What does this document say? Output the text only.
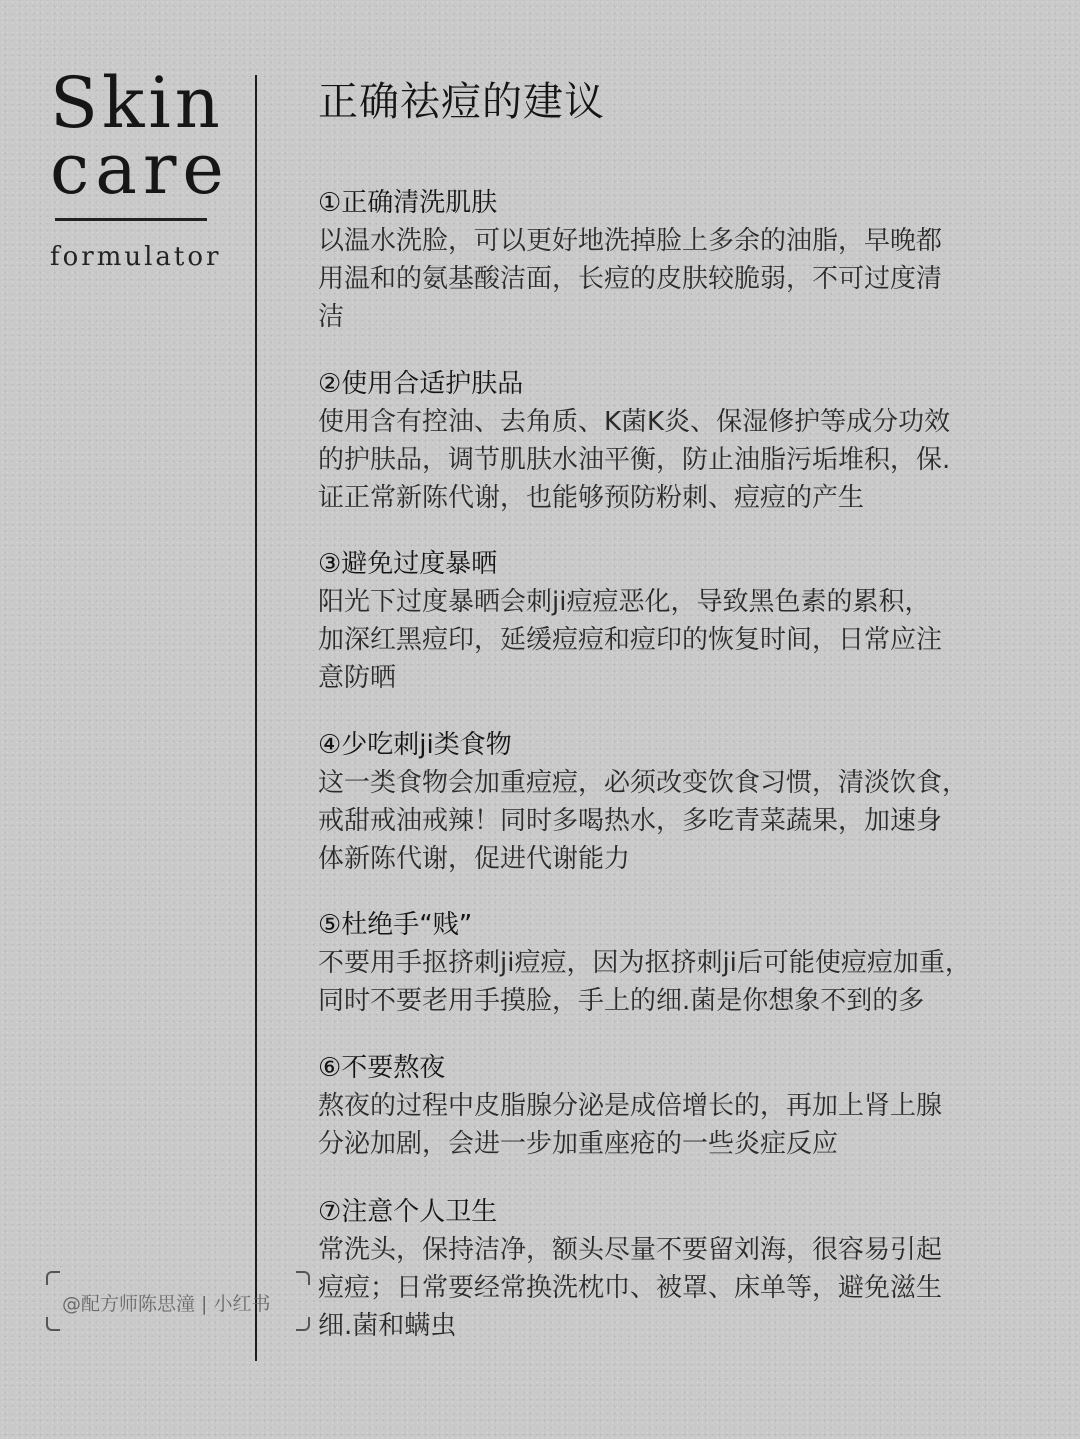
Skin
care
formulator
@配方师陈思潼 | 小红书
正确祛痘的建议
①正确清洗肌肤
以温水洗脸，可以更好地洗掉脸上多余的油脂，早晚都
用温和的氨基酸洁面，长痘的皮肤较脆弱，不可过度清
洁
②使用合适护肤品
使用含有控油、去角质、K菌K炎、保湿修护等成分功效
的护肤品，调节肌肤水油平衡，防止油脂污垢堆积，保.
证正常新陈代谢，也能够预防粉刺、痘痘的产生
③避免过度暴晒
阳光下过度暴晒会刺ji痘痘恶化，导致黑色素的累积，
加深红黑痘印，延缓痘痘和痘印的恢复时间，日常应注
意防晒
④少吃刺ji类食物
这一类食物会加重痘痘，必须改变饮食习惯，清淡饮食，
戒甜戒油戒辣！同时多喝热水，多吃青菜蔬果，加速身
体新陈代谢，促进代谢能力
⑤杜绝手“贱”
不要用手抠挤刺ji痘痘，因为抠挤刺ji后可能使痘痘加重，
同时不要老用手摸脸，手上的细.菌是你想象不到的多
⑥不要熬夜
熬夜的过程中皮脂腺分泌是成倍增长的，再加上肾上腺
分泌加剧，会进一步加重座疮的一些炎症反应
⑦注意个人卫生
常洗头，保持洁净，额头尽量不要留刘海，很容易引起
痘痘；日常要经常换洗枕巾、被罩、床单等，避免滋生
细.菌和螨虫
